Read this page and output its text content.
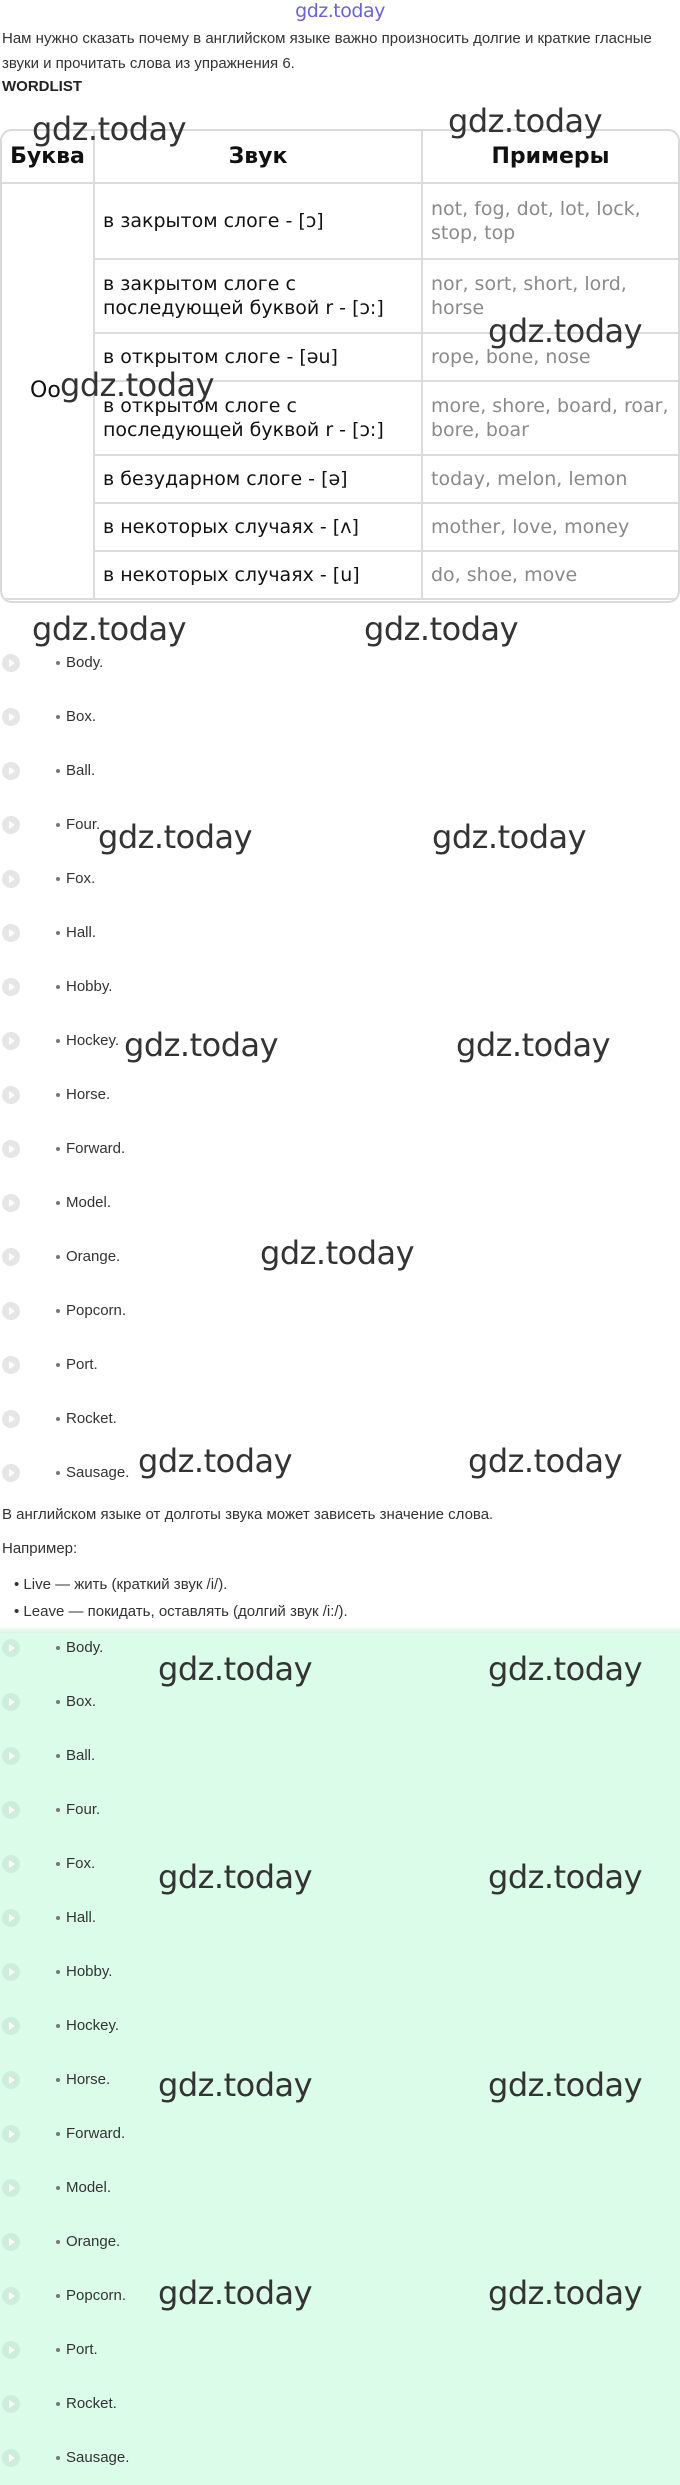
gdz.today
Нам нужно сказать почему в английском языке важно произносить долгие и краткие гласные звуки и прочитать слова из упражнения 6.
WORDLIST
Буква	Звук	Примеры
Oo	в закрытом слоге - [ɔ]	not, fog, dot, lot, lock, stop, top
	в закрытом слоге с последующей буквой r - [ɔ:]	nor, sort, short, lord, horse
	в открытом слоге - [əu]	rope, bone, nose
	в открытом слоге с последующей буквой r - [ɔ:]	more, shore, board, roar, bore, boar
	в безударном слоге - [ə]	today, melon, lemon
	в некоторых случаях - [ʌ]	mother, love, money
	в некоторых случаях - [u]	do, shoe, move
Body.
Box.
Ball.
Four.
Fox.
Hall.
Hobby.
Hockey.
Horse.
Forward.
Model.
Orange.
Popcorn.
Port.
Rocket.
Sausage.
В английском языке от долготы звука может зависеть значение слова.
Например:
• Live — жить (краткий звук /i/).
• Leave — покидать, оставлять (долгий звук /i:/).
Body.
Box.
Ball.
Four.
Fox.
Hall.
Hobby.
Hockey.
Horse.
Forward.
Model.
Orange.
Popcorn.
Port.
Rocket.
Sausage.
gdz.today	gdz.today
gdz.today
gdz.today
gdz.today	gdz.today
gdz.today	gdz.today
gdz.today	gdz.today
gdz.today
gdz.today	gdz.today
gdz.today	gdz.today
gdz.today	gdz.today
gdz.today	gdz.today
gdz.today	gdz.today
